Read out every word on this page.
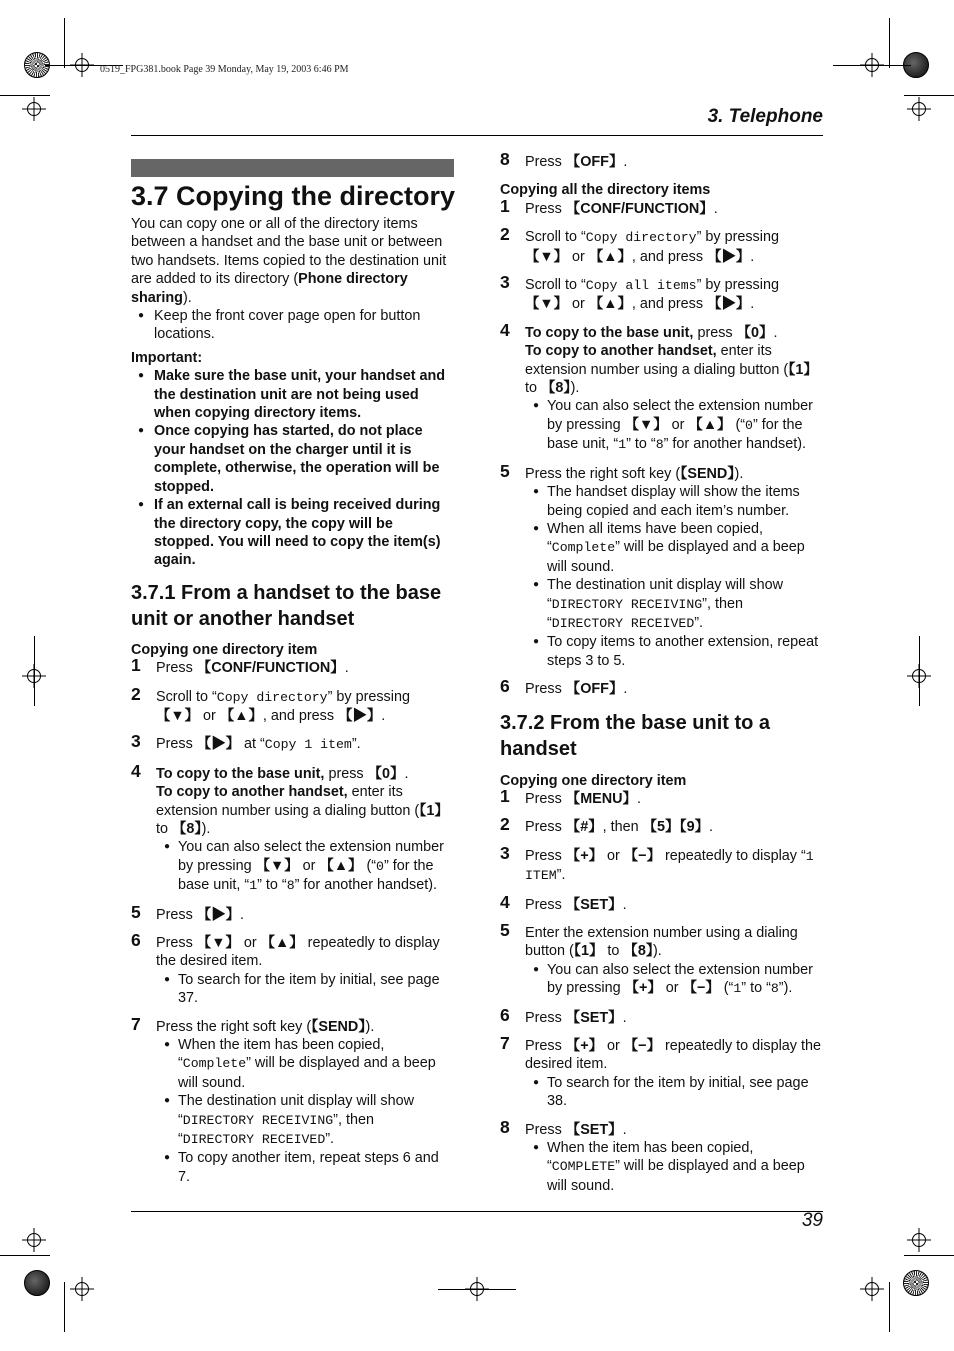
0519_FPG381.book Page 39 Monday, May 19, 2003 6:46 PM
3. Telephone
39
3.7 Copying the directory

You can copy one or all of the directory items between a handset and the base unit or between two handsets. Items copied to the destination unit are added to its directory (Phone directory sharing).

● Keep the front cover page open for button locations.

Important:

● Make sure the base unit, your handset and the destination unit are not being used when copying directory items.
● Once copying has started, do not place your handset on the charger until it is complete, otherwise, the operation will be stopped.
● If an external call is being received during the directory copy, the copy will be stopped. You will need to copy the item(s) again.
3.7.1 From a handset to the base unit or another handset
Copying one directory item
1 Press 【CONF/FUNCTION】.
2 Scroll to “Copy directory” by pressing 【▼】 or 【▲】, and press 【▶】.
3 Press 【▶】 at “Copy 1 item”.
4 To copy to the base unit, press 【0】.
To copy to another handset, enter its extension number using a dialing button (【1】 to 【8】).
● You can also select the extension number by pressing 【▼】 or 【▲】 (“0” for the base unit, “1” to “8” for another handset).
5 Press 【▶】.
6 Press 【▼】 or 【▲】 repeatedly to display the desired item.
● To search for the item by initial, see page 37.
7 Press the right soft key (【SEND】).
● When the item has been copied, “Complete” will be displayed and a beep will sound.
● The destination unit display will show “DIRECTORY RECEIVING”, then “DIRECTORY RECEIVED”.
● To copy another item, repeat steps 6 and 7.
8 Press 【OFF】.
Copying all the directory items
1 Press 【CONF/FUNCTION】.
2 Scroll to “Copy directory” by pressing 【▼】 or 【▲】, and press 【▶】.
3 Scroll to “Copy all items” by pressing 【▼】 or 【▲】, and press 【▶】.
4 To copy to the base unit, press 【0】.
To copy to another handset, enter its extension number using a dialing button (【1】 to 【8】).
● You can also select the extension number by pressing 【▼】 or 【▲】 (“0” for the base unit, “1” to “8” for another handset).
5 Press the right soft key (【SEND】).
● The handset display will show the items being copied and each item’s number.
● When all items have been copied, “Complete” will be displayed and a beep will sound.
● The destination unit display will show “DIRECTORY RECEIVING”, then “DIRECTORY RECEIVED”.
● To copy items to another extension, repeat steps 3 to 5.
6 Press 【OFF】.
3.7.2 From the base unit to a handset
Copying one directory item
1 Press 【MENU】.
2 Press 【#】, then 【5】【9】.
3 Press 【+】 or 【−】 repeatedly to display “1 ITEM”.
4 Press 【SET】.
5 Enter the extension number using a dialing button (【1】 to 【8】).
● You can also select the extension number by pressing 【+】 or 【−】 (“1” to “8”).
6 Press 【SET】.
7 Press 【+】 or 【−】 repeatedly to display the desired item.
● To search for the item by initial, see page 38.
8 Press 【SET】.
● When the item has been copied, “COMPLETE” will be displayed and a beep will sound.
